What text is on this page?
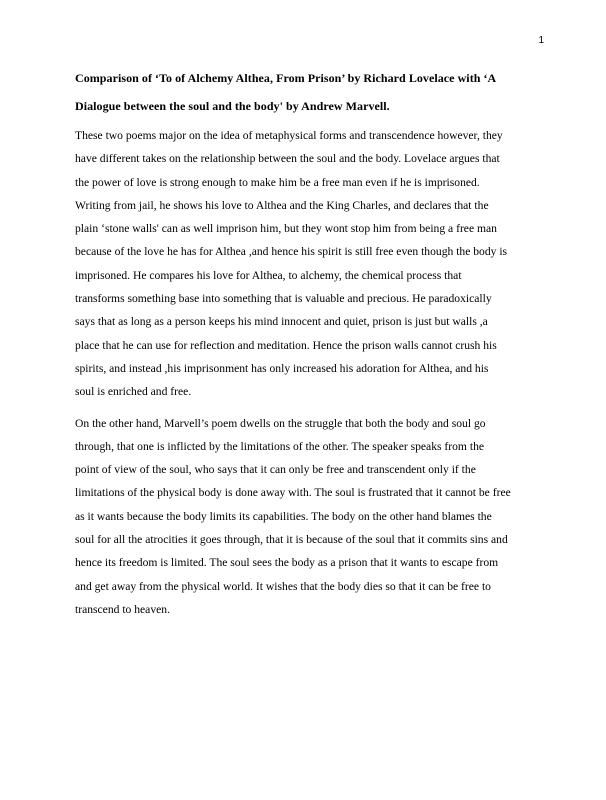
1
Comparison of ‘To of Alchemy Althea, From Prison’ by Richard Lovelace with ‘A
Dialogue between the soul and the body' by Andrew Marvell.
These two poems major on the idea of metaphysical forms and transcendence however, they
have different takes on the relationship between the soul and the body. Lovelace argues that
the power of love is strong enough to make him be a free man even if he is imprisoned.
Writing from jail, he shows his love to Althea and the King Charles, and declares that the
plain ‘stone walls' can as well imprison him, but they wont stop him from being a free man
because of the love he has for Althea ,and hence his spirit is still free even though the body is
imprisoned. He compares his love for Althea, to alchemy, the chemical process that
transforms something base into something that is valuable and precious. He paradoxically
says that as long as a person keeps his mind innocent and quiet, prison is just but walls ,a
place that he can use for reflection and meditation. Hence the prison walls cannot crush his
spirits, and instead ,his imprisonment has only increased his adoration for Althea, and his
soul is enriched and free.
On the other hand, Marvell’s poem dwells on the struggle that both the body and soul go
through, that one is inflicted by the limitations of the other. The speaker speaks from the
point of view of the soul, who says that it can only be free and transcendent only if the
limitations of the physical body is done away with. The soul is frustrated that it cannot be free
as it wants because the body limits its capabilities. The body on the other hand blames the
soul for all the atrocities it goes through, that it is because of the soul that it commits sins and
hence its freedom is limited. The soul sees the body as a prison that it wants to escape from
and get away from the physical world. It wishes that the body dies so that it can be free to
transcend to heaven.
